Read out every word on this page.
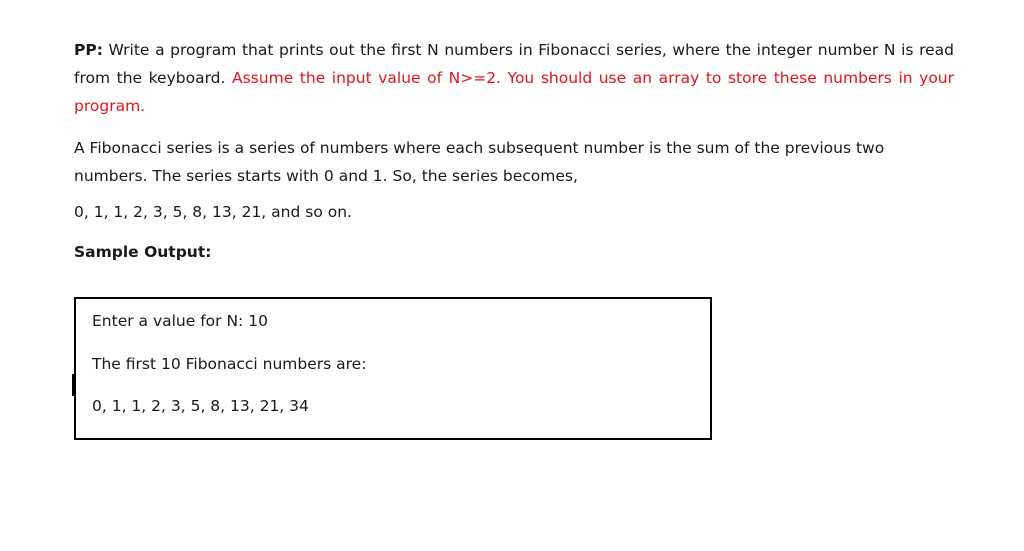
PP: Write a program that prints out the first N numbers in Fibonacci series, where the integer number N is read from the keyboard. Assume the input value of N>=2. You should use an array to store these numbers in your program.

A Fibonacci series is a series of numbers where each subsequent number is the sum of the previous two numbers. The series starts with 0 and 1. So, the series becomes,

0, 1, 1, 2, 3, 5, 8, 13, 21, and so on.

Sample Output:

Enter a value for N: 10
The first 10 Fibonacci numbers are:
0, 1, 1, 2, 3, 5, 8, 13, 21, 34
